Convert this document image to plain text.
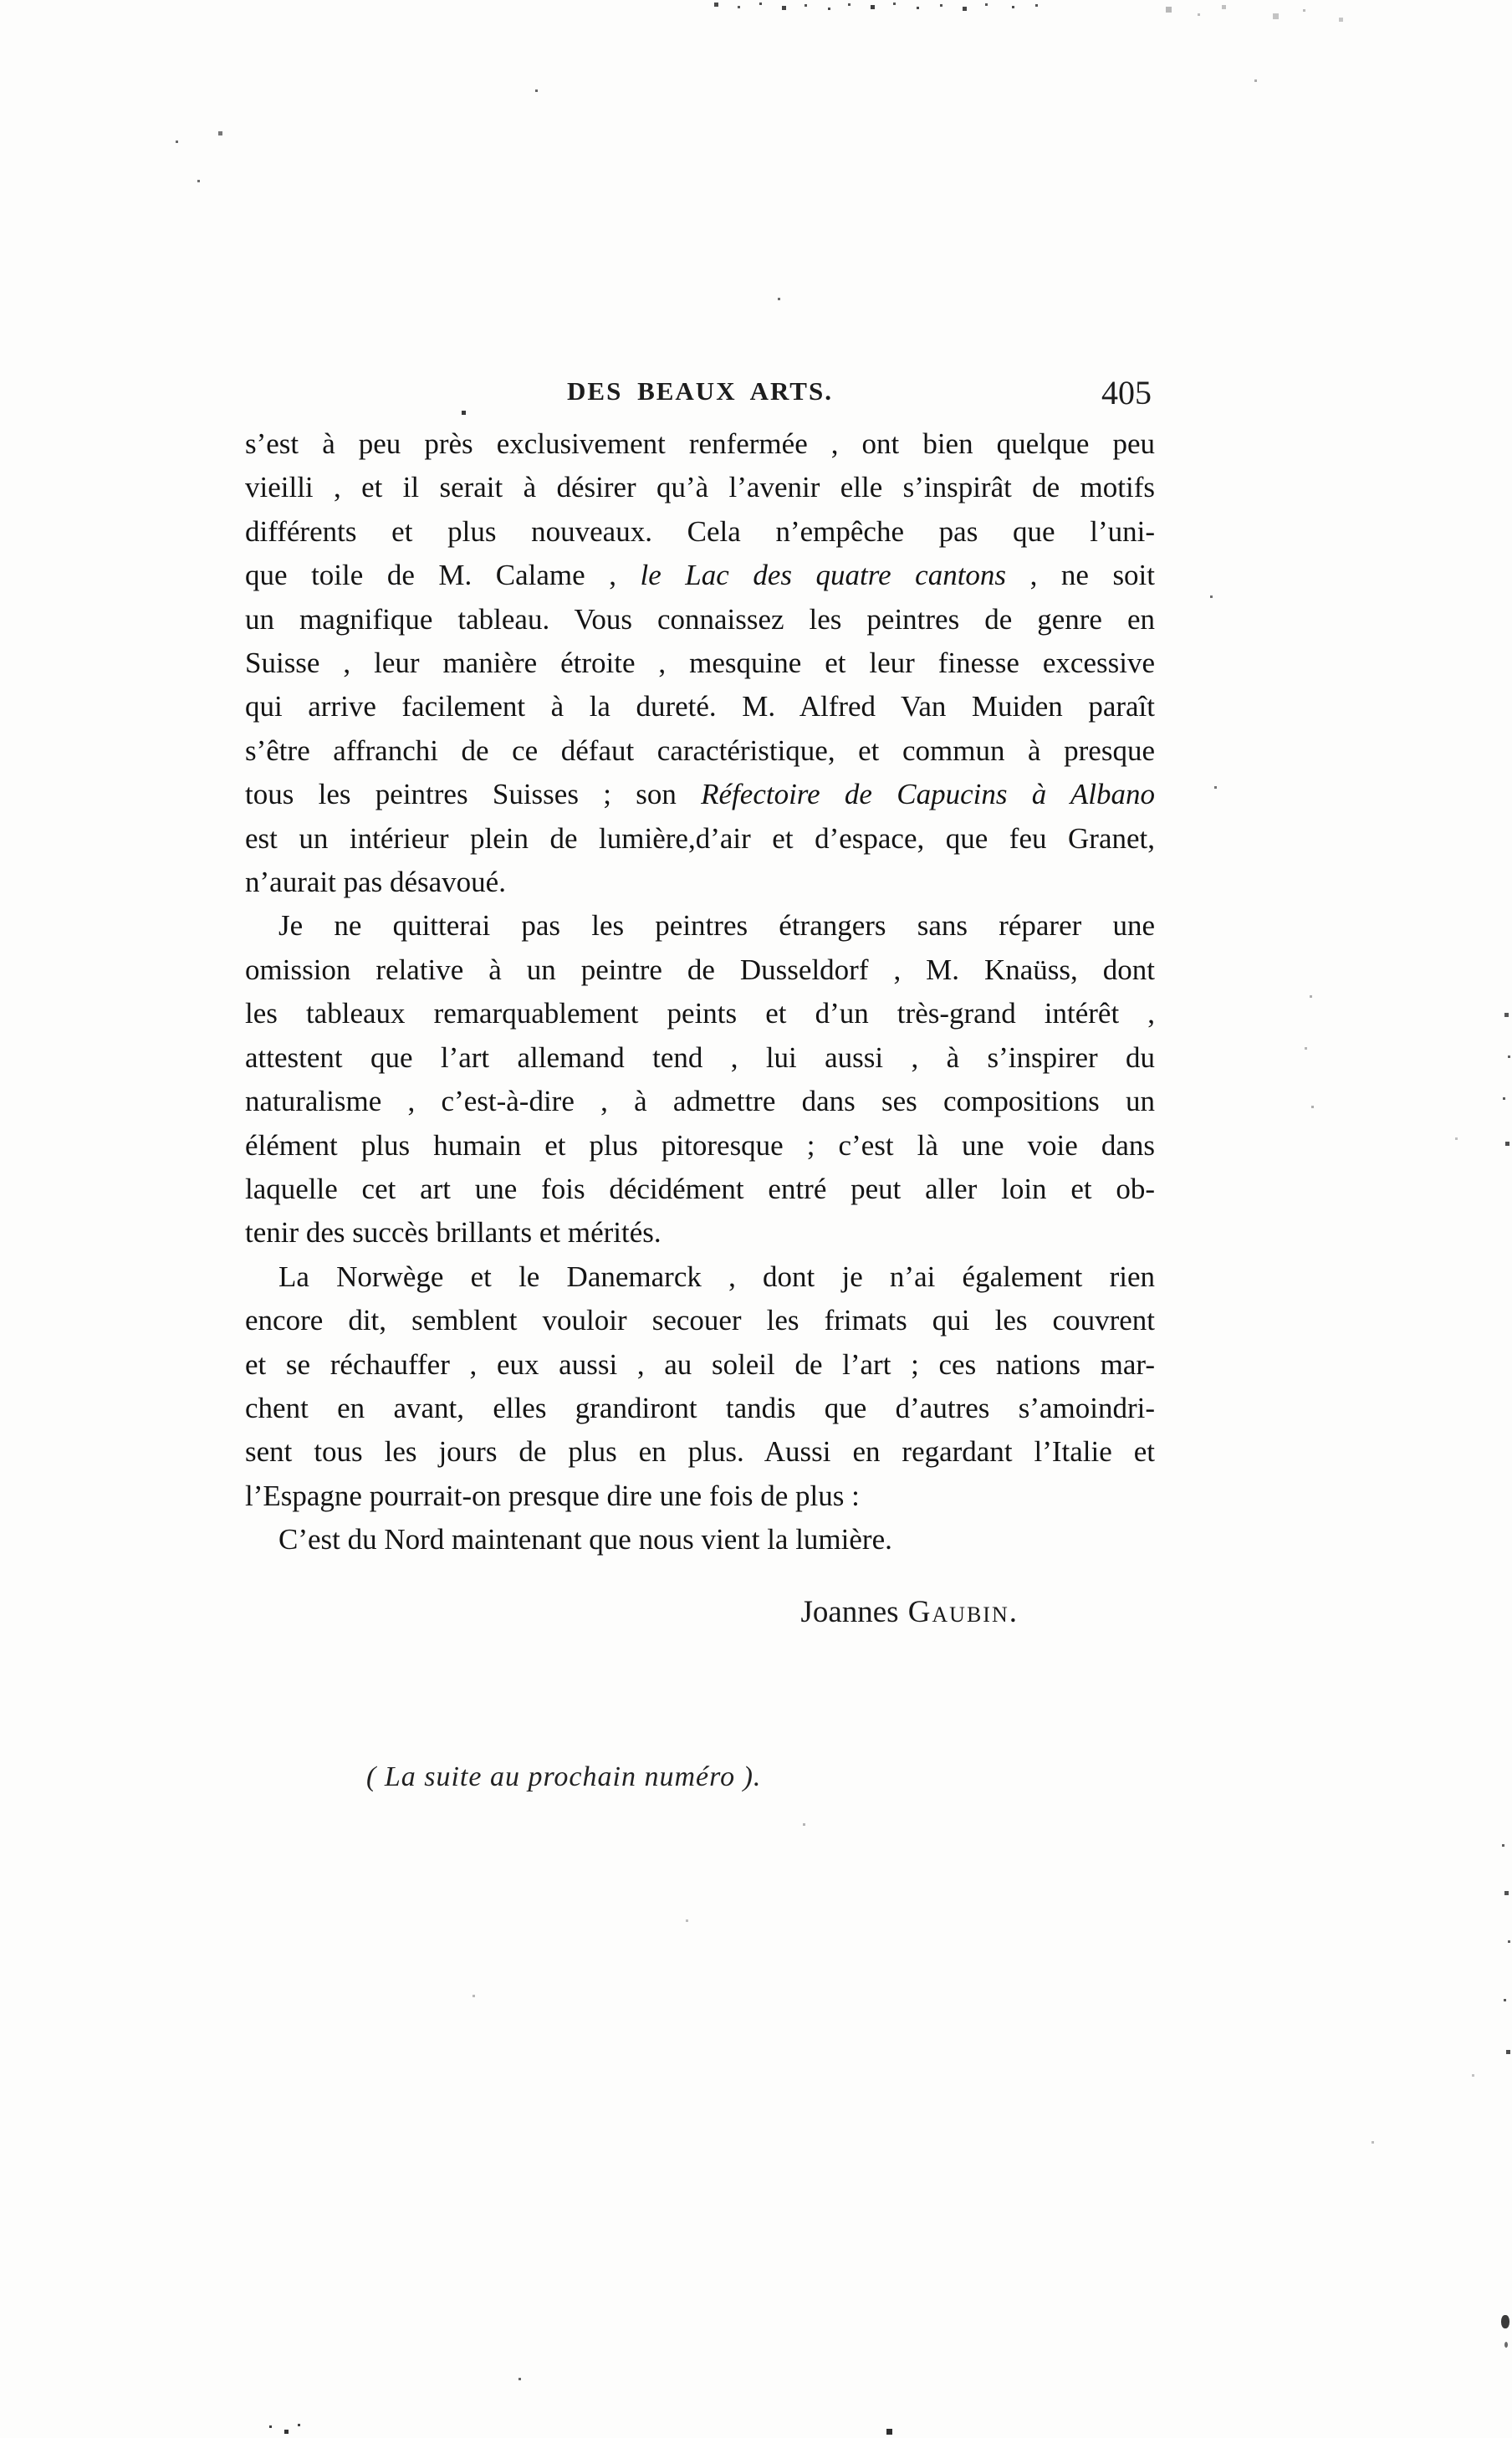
DES BEAUX ARTS.	405
s’est à peu près exclusivement renfermée , ont bien quelque peu
vieilli , et il serait à désirer qu’à l’avenir elle s’inspirât de motifs
différents et plus nouveaux. Cela n’empêche pas que l’uni-
que toile de M. Calame , le Lac des quatre cantons , ne soit
un magnifique tableau. Vous connaissez les peintres de genre en
Suisse , leur manière étroite , mesquine et leur finesse excessive
qui arrive facilement à la dureté. M. Alfred Van Muiden paraît
s’être affranchi de ce défaut caractéristique, et commun à presque
tous les peintres Suisses ; son Réfectoire de Capucins à Albano
est un intérieur plein de lumière,d’air et d’espace, que feu Granet,
n’aurait pas désavoué.
Je ne quitterai pas les peintres étrangers sans réparer une
omission relative à un peintre de Dusseldorf , M. Knaüss, dont
les tableaux remarquablement peints et d’un très-grand intérêt ,
attestent que l’art allemand tend , lui aussi , à s’inspirer du
naturalisme , c’est-à-dire , à admettre dans ses compositions un
élément plus humain et plus pitoresque ; c’est là une voie dans
laquelle cet art une fois décidément entré peut aller loin et ob-
tenir des succès brillants et mérités.
La Norwège et le Danemarck , dont je n’ai également rien
encore dit, semblent vouloir secouer les frimats qui les couvrent
et se réchauffer , eux aussi , au soleil de l’art ; ces nations mar-
chent en avant, elles grandiront tandis que d’autres s’amoindri-
sent tous les jours de plus en plus. Aussi en regardant l’Italie et
l’Espagne pourrait-on presque dire une fois de plus :
C’est du Nord maintenant que nous vient la lumière.
Joannes Gaubin.
( La suite au prochain numéro ).
